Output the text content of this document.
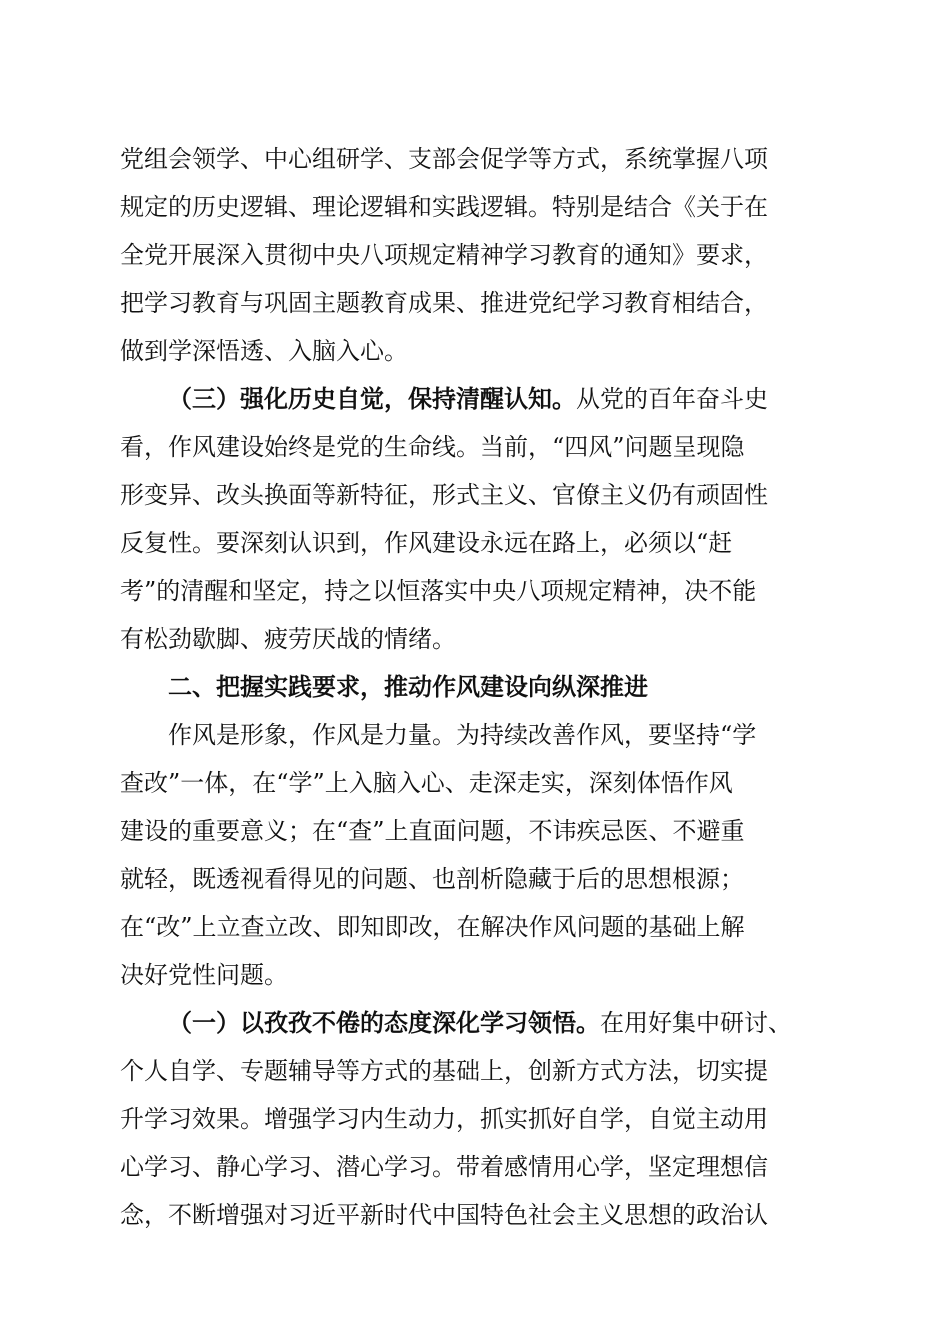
党组会领学、中心组研学、支部会促学等方式，系统掌握八项
规定的历史逻辑、理论逻辑和实践逻辑。特别是结合《关于在
全党开展深入贯彻中央八项规定精神学习教育的通知》要求，
把学习教育与巩固主题教育成果、推进党纪学习教育相结合，
做到学深悟透、入脑入心。
（三）强化历史自觉，保持清醒认知。从党的百年奋斗史
看，作风建设始终是党的生命线。当前，“四风”问题呈现隐
形变异、改头换面等新特征，形式主义、官僚主义仍有顽固性
反复性。要深刻认识到，作风建设永远在路上，必须以“赶
考”的清醒和坚定，持之以恒落实中央八项规定精神，决不能
有松劲歇脚、疲劳厌战的情绪。
二、把握实践要求，推动作风建设向纵深推进
作风是形象，作风是力量。为持续改善作风，要坚持“学
查改”一体，在“学”上入脑入心、走深走实，深刻体悟作风
建设的重要意义；在“查”上直面问题，不讳疾忌医、不避重
就轻，既透视看得见的问题、也剖析隐藏于后的思想根源；
在“改”上立查立改、即知即改，在解决作风问题的基础上解
决好党性问题。
（一）以孜孜不倦的态度深化学习领悟。在用好集中研讨、
个人自学、专题辅导等方式的基础上，创新方式方法，切实提
升学习效果。增强学习内生动力，抓实抓好自学，自觉主动用
心学习、静心学习、潜心学习。带着感情用心学，坚定理想信
念，不断增强对习近平新时代中国特色社会主义思想的政治认
